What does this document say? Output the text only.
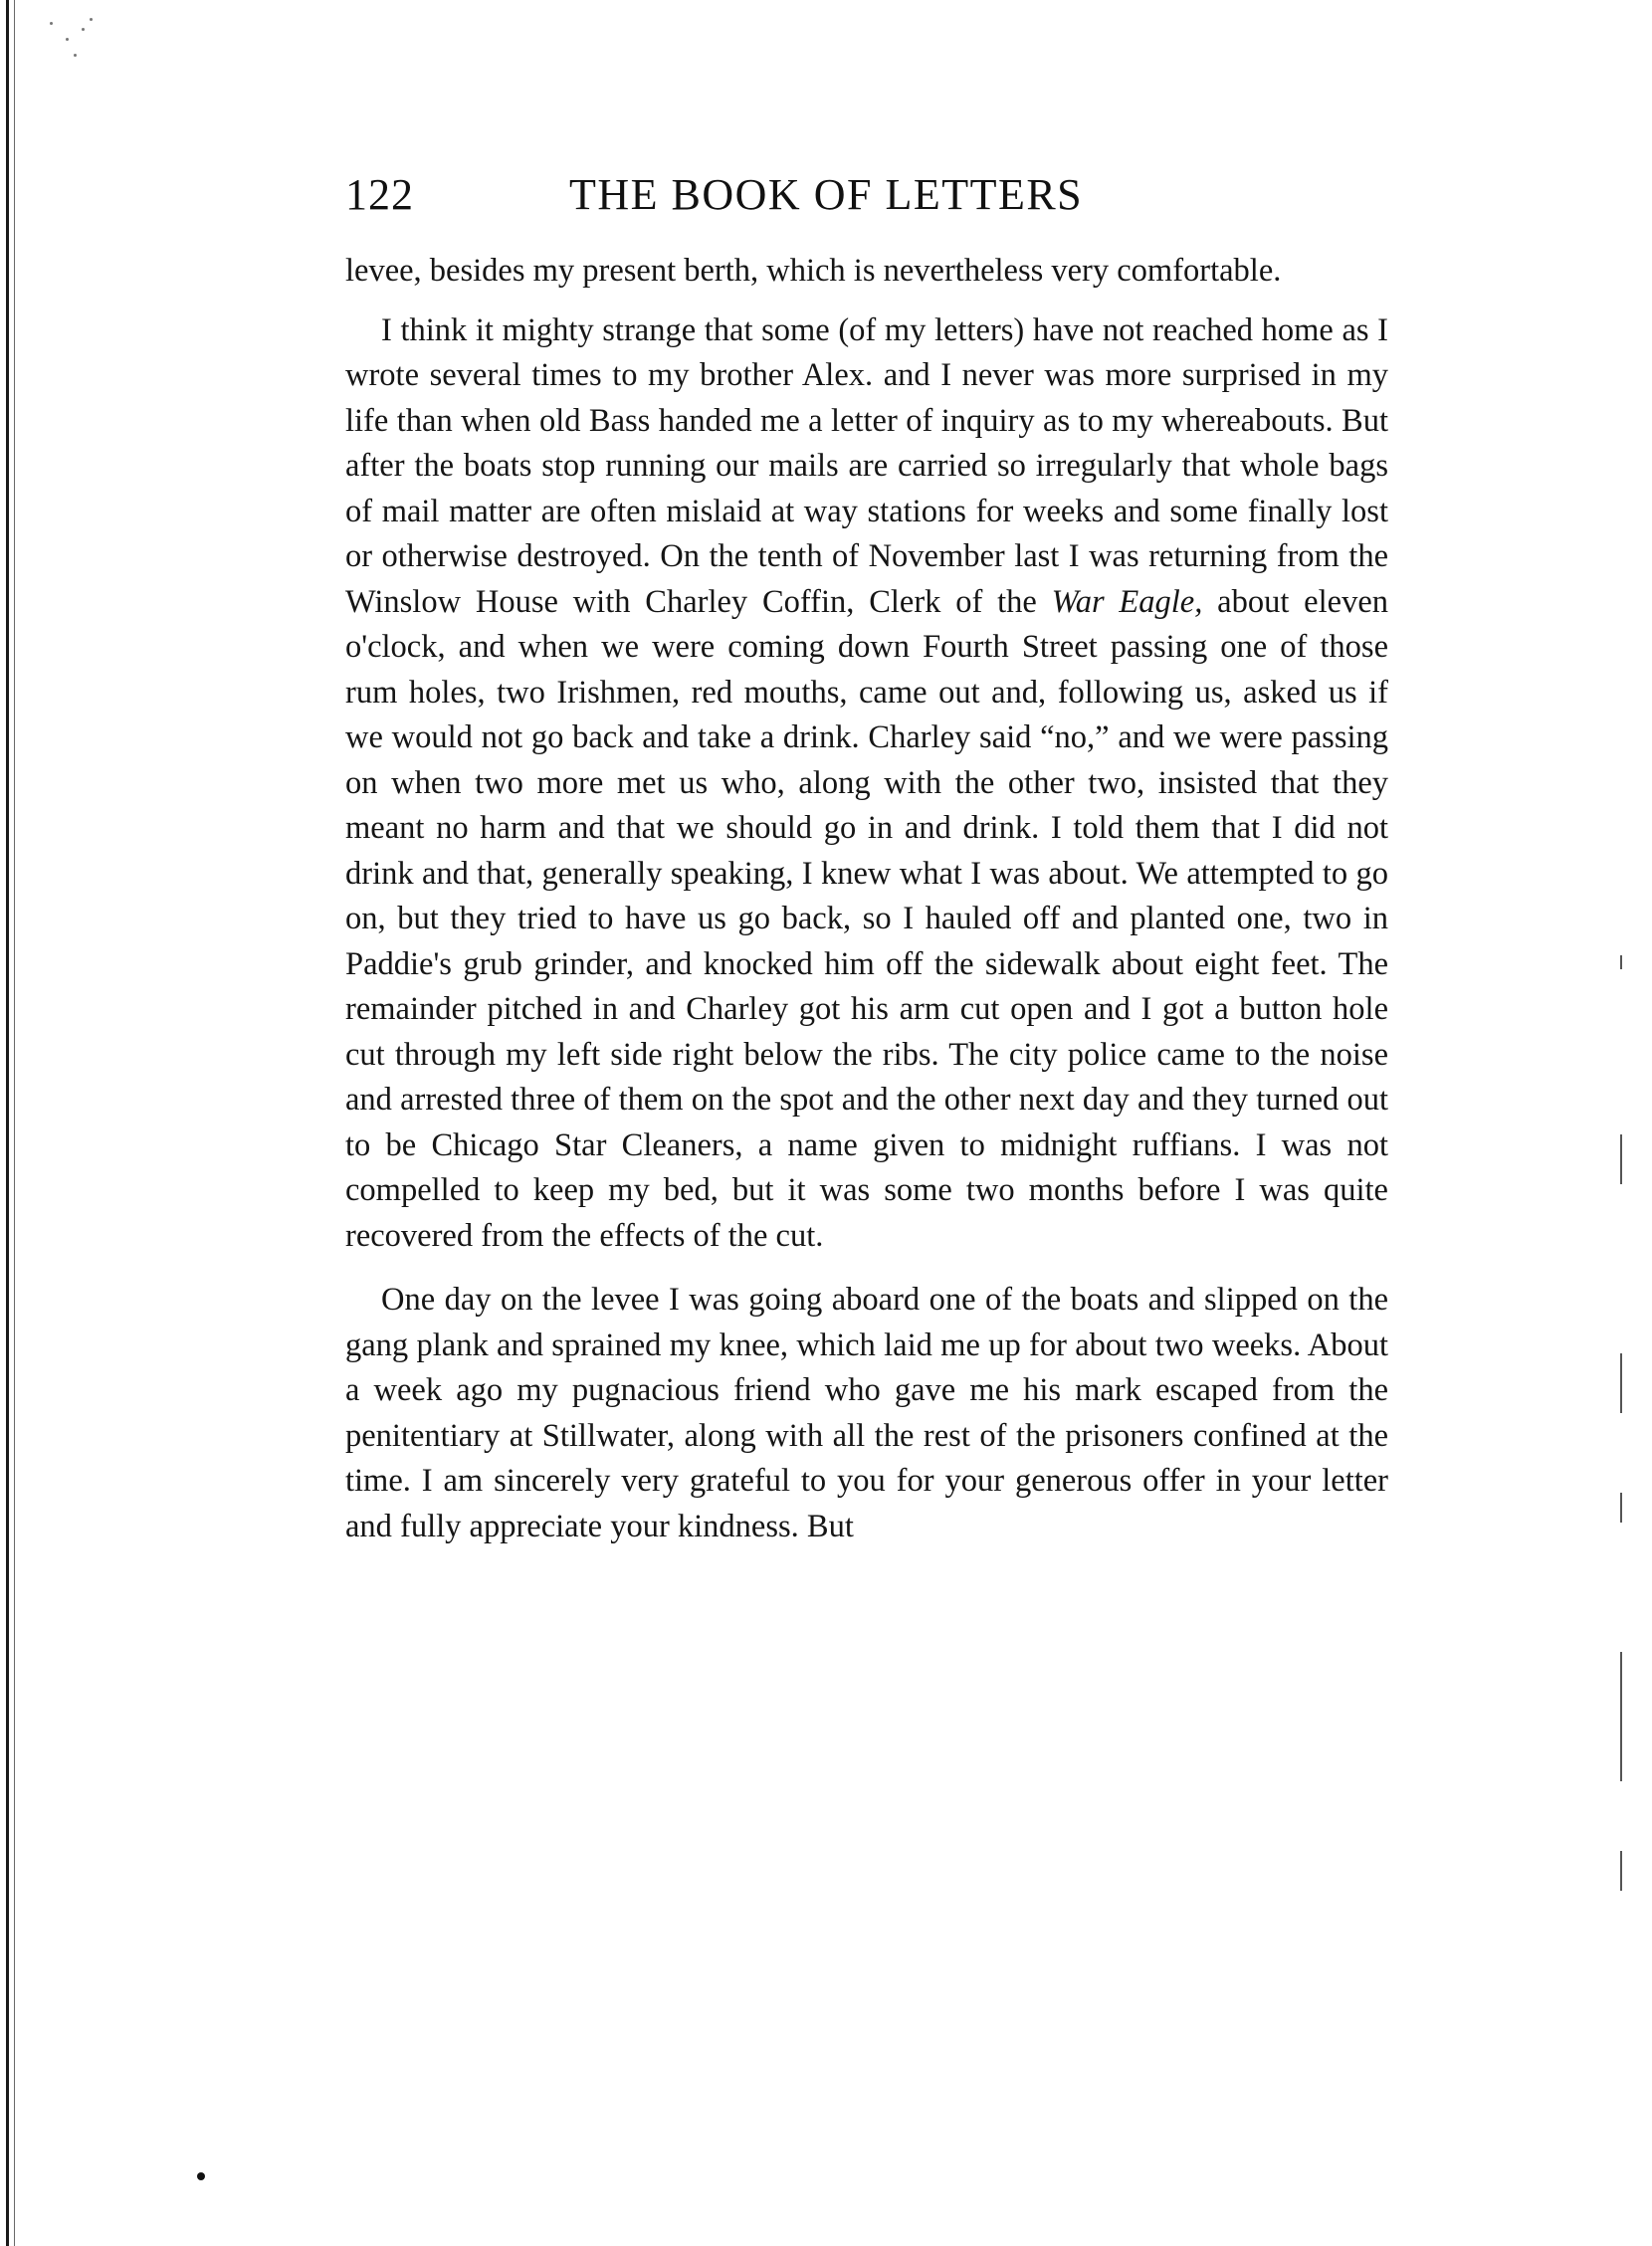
122	THE BOOK OF LETTERS

levee, besides my present berth, which is nevertheless very comfortable.

I think it mighty strange that some (of my letters) have not reached home as I wrote several times to my brother Alex. and I never was more surprised in my life than when old Bass handed me a letter of inquiry as to my whereabouts. But after the boats stop running our mails are carried so irregularly that whole bags of mail matter are often mislaid at way stations for weeks and some finally lost or otherwise destroyed. On the tenth of November last I was returning from the Winslow House with Charley Coffin, Clerk of the War Eagle, about eleven o'clock, and when we were coming down Fourth Street passing one of those rum holes, two Irishmen, red mouths, came out and, following us, asked us if we would not go back and take a drink. Charley said “no,” and we were passing on when two more met us who, along with the other two, insisted that they meant no harm and that we should go in and drink. I told them that I did not drink and that, generally speaking, I knew what I was about. We attempted to go on, but they tried to have us go back, so I hauled off and planted one, two in Paddie's grub grinder, and knocked him off the sidewalk about eight feet. The remainder pitched in and Charley got his arm cut open and I got a button hole cut through my left side right below the ribs. The city police came to the noise and arrested three of them on the spot and the other next day and they turned out to be Chicago Star Cleaners, a name given to midnight ruffians. I was not compelled to keep my bed, but it was some two months before I was quite recovered from the effects of the cut.

One day on the levee I was going aboard one of the boats and slipped on the gang plank and sprained my knee, which laid me up for about two weeks. About a week ago my pugnacious friend who gave me his mark escaped from the penitentiary at Stillwater, along with all the rest of the prisoners confined at the time. I am sincerely very grateful to you for your generous offer in your letter and fully appreciate your kindness. But
